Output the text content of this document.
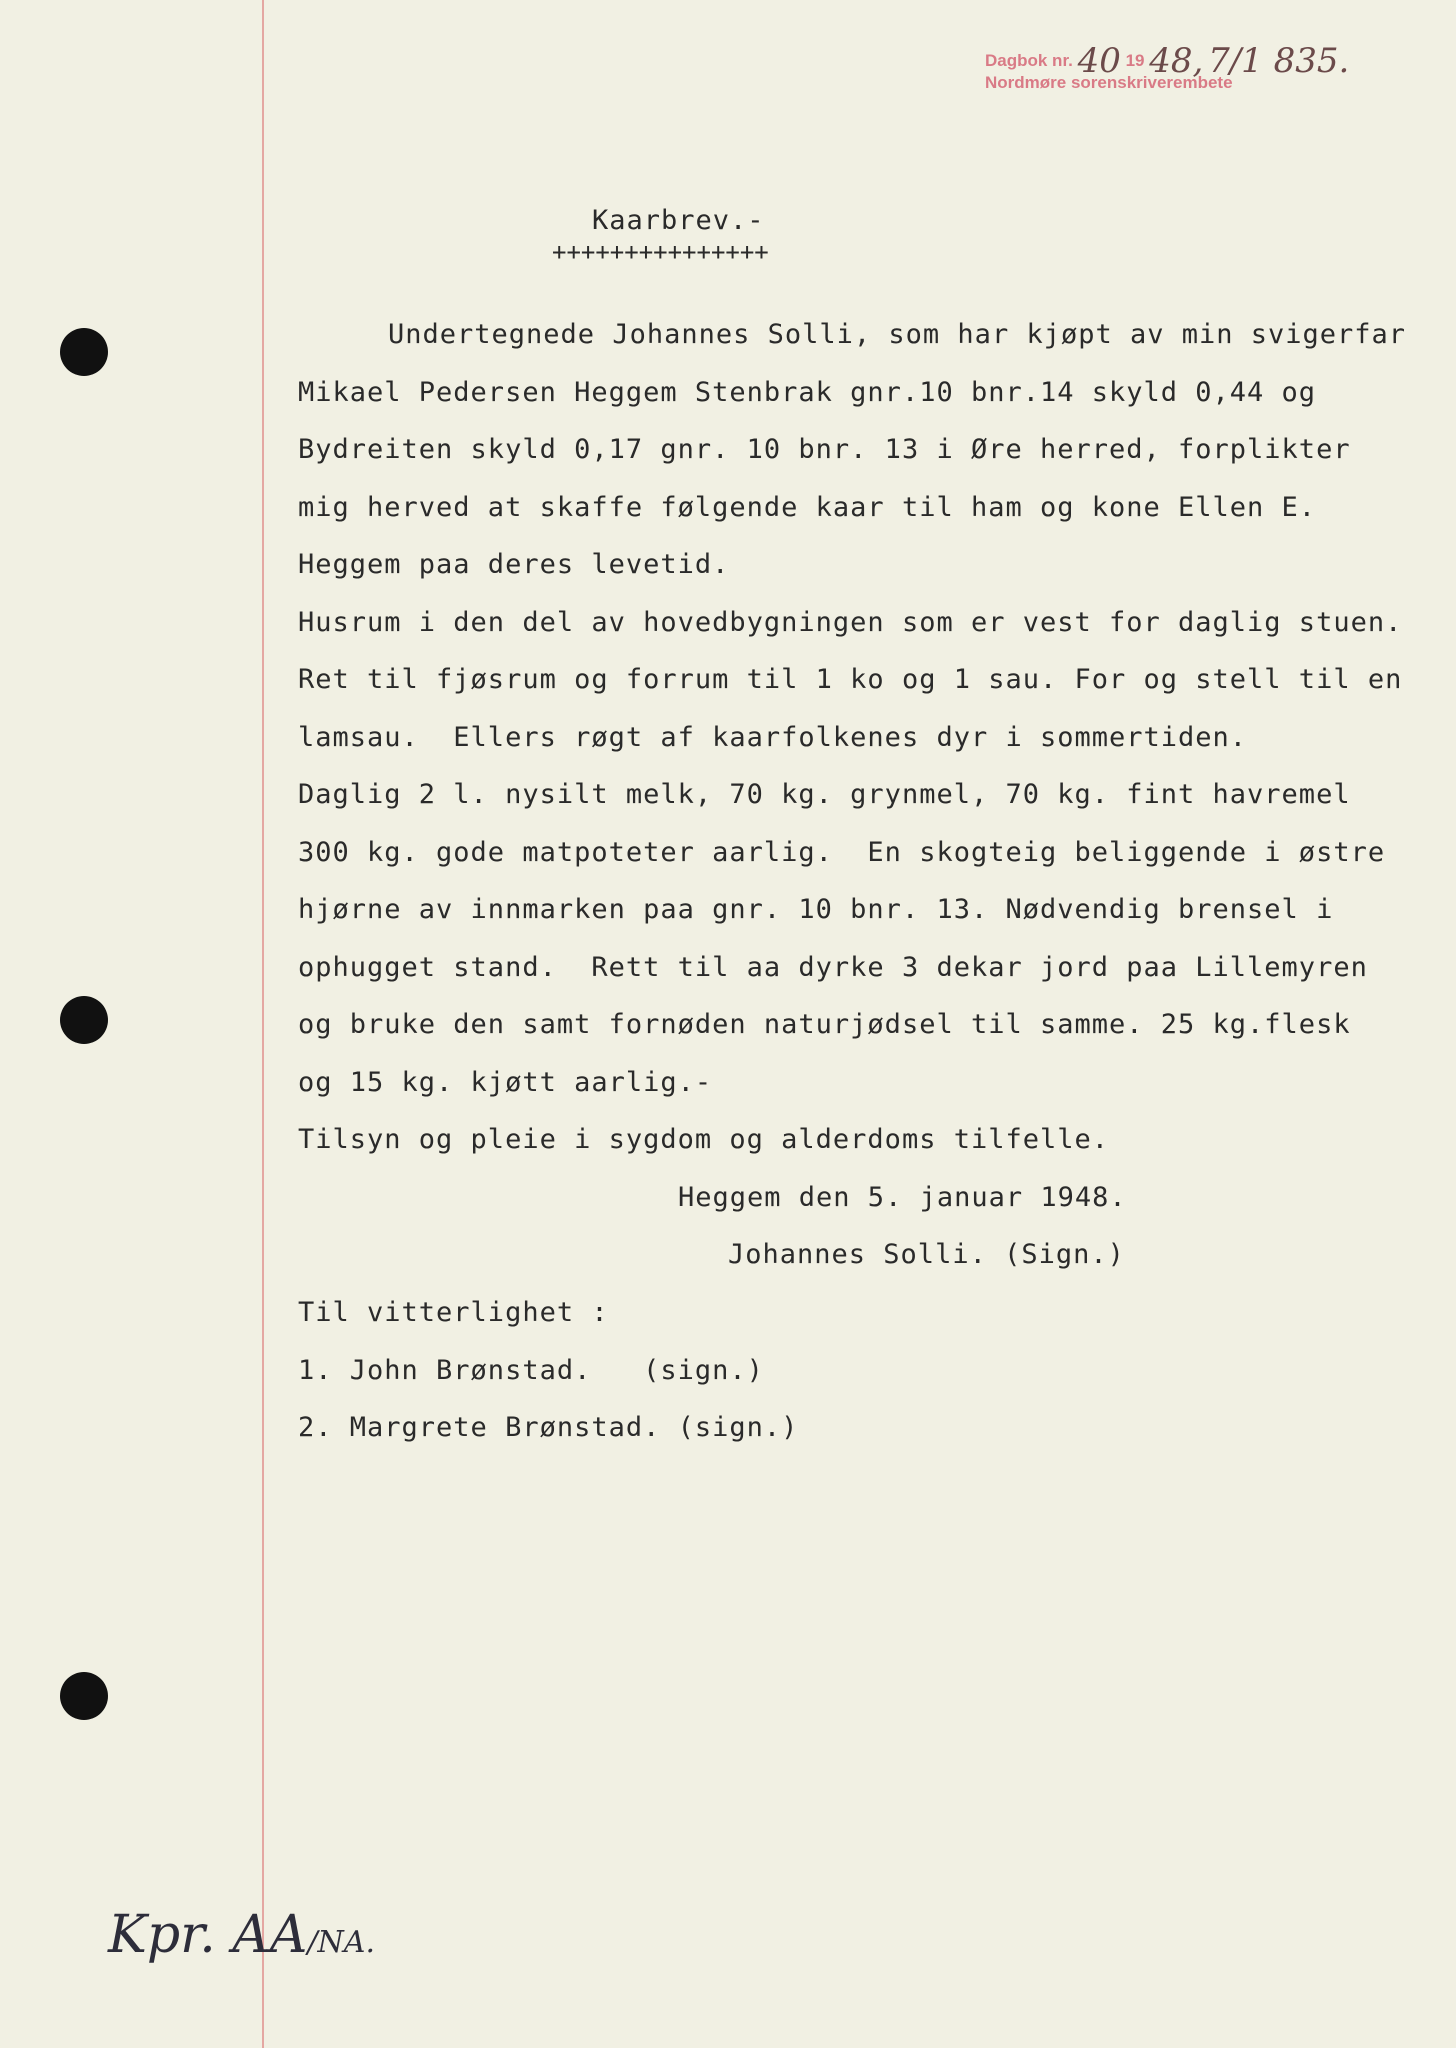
Dagbok nr. 40 19 48, 7/1 835.
Nordmøre sorenskriverembete
Kaarbrev.-
+++++++++++++++
Undertegnede Johannes Solli, som har kjøpt av min svigerfar
Mikael Pedersen Heggem Stenbrak gnr.10 bnr.14 skyld 0,44 og
Bydreiten skyld 0,17 gnr. 10 bnr. 13 i Øre herred, forplikter
mig herved at skaffe følgende kaar til ham og kone Ellen E.
Heggem paa deres levetid.
Husrum i den del av hovedbygningen som er vest for daglig stuen.
Ret til fjøsrum og forrum til 1 ko og 1 sau. For og stell til en
lamsau.  Ellers røgt af kaarfolkenes dyr i sommertiden.
Daglig 2 l. nysilt melk, 70 kg. grynmel, 70 kg. fint havremel
300 kg. gode matpoteter aarlig.  En skogteig beliggende i østre
hjørne av innmarken paa gnr. 10 bnr. 13. Nødvendig brensel i
ophugget stand.  Rett til aa dyrke 3 dekar jord paa Lillemyren
og bruke den samt fornøden naturjødsel til samme. 25 kg.flesk
og 15 kg. kjøtt aarlig.-
Tilsyn og pleie i sygdom og alderdoms tilfelle.
Heggem den 5. januar 1948.
Johannes Solli. (Sign.)
Til vitterlighet :
1. John Brønstad.   (sign.)
2. Margrete Brønstad. (sign.)
Kpr. AA/NA.
